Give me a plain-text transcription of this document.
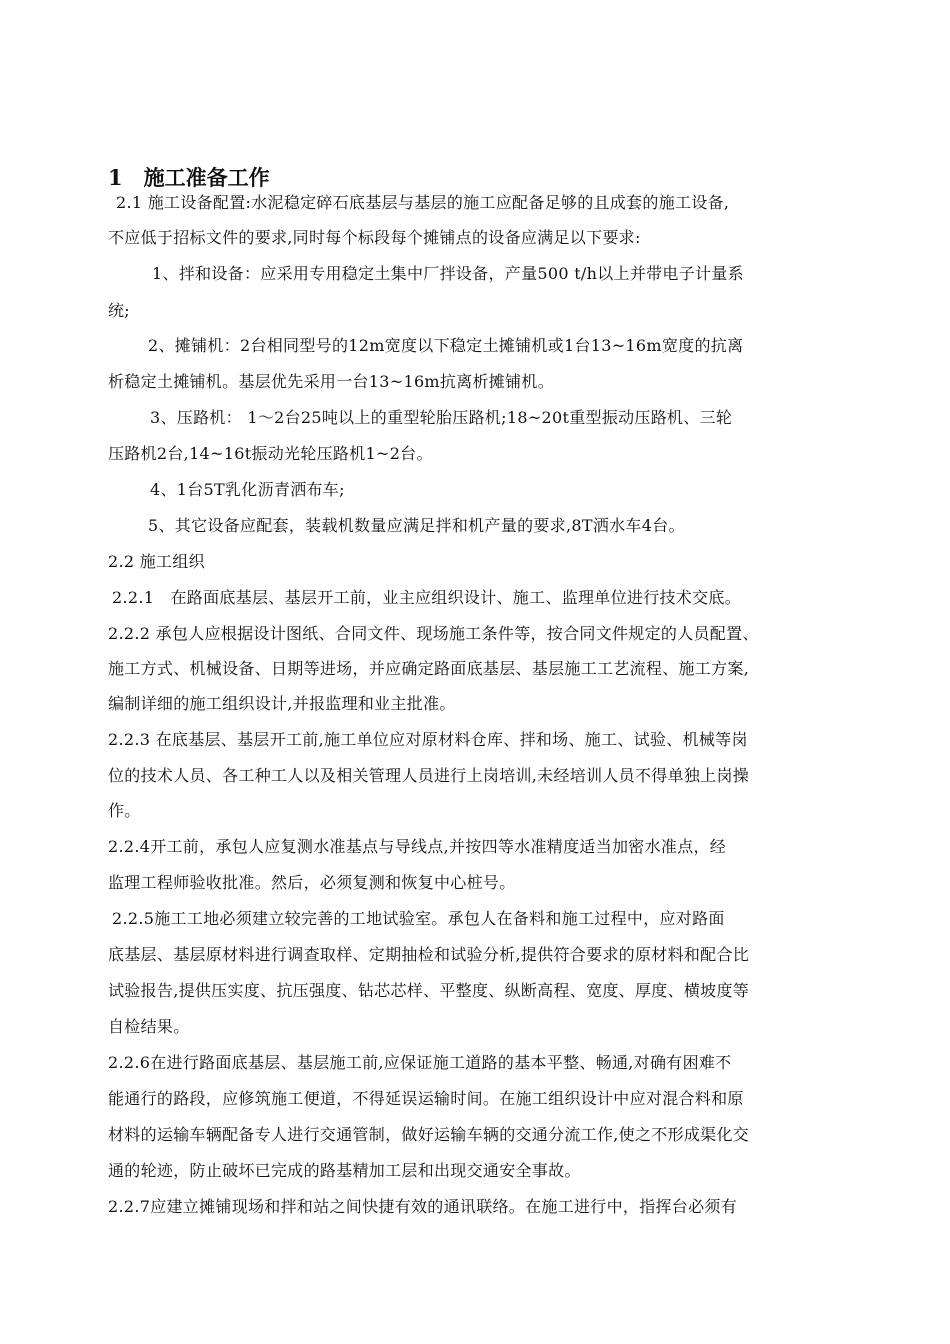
1　施工准备工作
2.1 施工设备配置:水泥稳定碎石底基层与基层的施工应配备足够的且成套的施工设备,
不应低于招标文件的要求,同时每个标段每个摊铺点的设备应满足以下要求:
1、拌和设备：应采用专用稳定土集中厂拌设备，产量500 t/h以上并带电子计量系
统;
2、摊铺机：2台相同型号的12m宽度以下稳定土摊铺机或1台13~16m宽度的抗离
析稳定土摊铺机。基层优先采用一台13~16m抗离析摊铺机。
3、压路机： 1～2台25吨以上的重型轮胎压路机;18~20t重型振动压路机、三轮
压路机2台,14~16t振动光轮压路机1~2台。
4、1台5T乳化沥青洒布车;
5、其它设备应配套，装载机数量应满足拌和机产量的要求,8T洒水车4台。
2.2 施工组织
2.2.1　在路面底基层、基层开工前，业主应组织设计、施工、监理单位进行技术交底。
2.2.2 承包人应根据设计图纸、合同文件、现场施工条件等，按合同文件规定的人员配置、
施工方式、机械设备、日期等进场，并应确定路面底基层、基层施工工艺流程、施工方案,
编制详细的施工组织设计,并报监理和业主批准。
2.2.3 在底基层、基层开工前,施工单位应对原材料仓库、拌和场、施工、试验、机械等岗
位的技术人员、各工种工人以及相关管理人员进行上岗培训,未经培训人员不得单独上岗操
作。
2.2.4开工前，承包人应复测水准基点与导线点,并按四等水准精度适当加密水准点，经
监理工程师验收批准。然后，必须复测和恢复中心桩号。
2.2.5施工工地必须建立较完善的工地试验室。承包人在备料和施工过程中，应对路面
底基层、基层原材料进行调查取样、定期抽检和试验分析,提供符合要求的原材料和配合比
试验报告,提供压实度、抗压强度、钻芯芯样、平整度、纵断高程、宽度、厚度、横坡度等
自检结果。
2.2.6在进行路面底基层、基层施工前,应保证施工道路的基本平整、畅通,对确有困难不
能通行的路段，应修筑施工便道，不得延误运输时间。在施工组织设计中应对混合料和原
材料的运输车辆配备专人进行交通管制，做好运输车辆的交通分流工作,使之不形成渠化交
通的轮迹，防止破坏已完成的路基精加工层和出现交通安全事故。
2.2.7应建立摊铺现场和拌和站之间快捷有效的通讯联络。在施工进行中，指挥台必须有
